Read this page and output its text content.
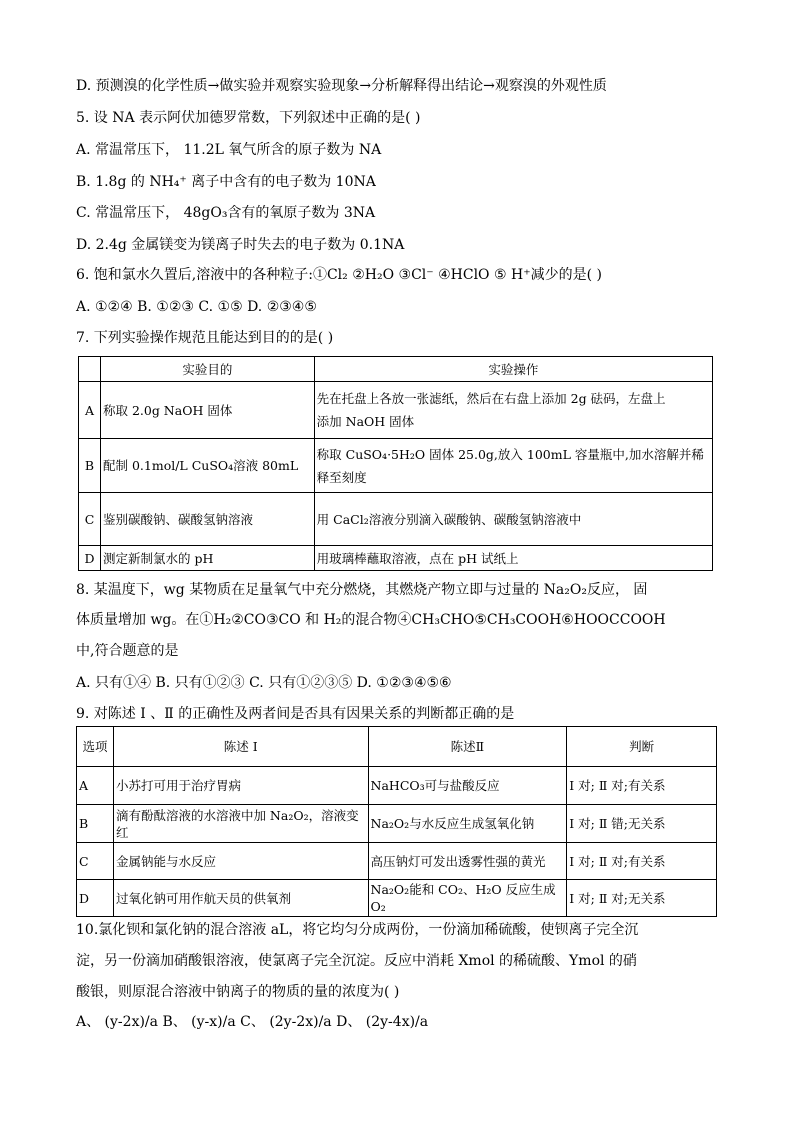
D. 预测溴的化学性质→做实验并观察实验现象→分析解释得出结论→观察溴的外观性质
5. 设 NA 表示阿伏加德罗常数，下列叙述中正确的是( )
A. 常温常压下， 11.2L 氧气所含的原子数为 NA
B. 1.8g 的 NH₄⁺ 离子中含有的电子数为 10NA
C. 常温常压下， 48gO₃含有的氧原子数为 3NA
D. 2.4g 金属镁变为镁离子时失去的电子数为 0.1NA
6. 饱和氯水久置后,溶液中的各种粒子:①Cl₂ ②H₂O ③Cl⁻ ④HClO ⑤ H⁺减少的是( )
A. ①②④ B. ①②③ C. ①⑤ D. ②③④⑤
7. 下列实验操作规范且能达到目的的是( )
	实验目的	实验操作
A	称取 2.0g NaOH 固体	先在托盘上各放一张滤纸，然后在右盘上添加 2g 砝码，左盘上
添加 NaOH 固体

B	配制 0.1mol/L CuSO₄溶液 80mL	称取 CuSO₄·5H₂O 固体 25.0g,放入 100mL 容量瓶中,加水溶解并稀
释至刻度

C	鉴别碳酸钠、碳酸氢钠溶液	用 CaCl₂溶液分别滴入碳酸钠、碳酸氢钠溶液中
D	测定新制氯水的 pH	用玻璃棒蘸取溶液，点在 pH 试纸上
8. 某温度下，wg 某物质在足量氧气中充分燃烧，其燃烧产物立即与过量的 Na₂O₂反应， 固
体质量增加 wg。在①H₂②CO③CO 和 H₂的混合物④CH₃CHO⑤CH₃COOH⑥HOOCCOOH
中,符合题意的是
A. 只有①④ B. 只有①②③ C. 只有①②③⑤ D. ①②③④⑤⑥
9. 对陈述 Ⅰ 、Ⅱ 的正确性及两者间是否具有因果关系的判断都正确的是
选项	陈述 I	陈述Ⅱ	判断
A	小苏打可用于治疗胃病	NaHCO₃可与盐酸反应	I 对; Ⅱ 对;有关系
B	滴有酚酞溶液的水溶液中加 Na₂O₂，溶液变红	Na₂O₂与水反应生成氢氧化钠	I 对; Ⅱ 错;无关系
C	金属钠能与水反应	高压钠灯可发出透雾性强的黄光	I 对; Ⅱ 对;有关系
D	过氧化钠可用作航天员的供氧剂	Na₂O₂能和 CO₂、H₂O 反应生成 O₂	I 对; Ⅱ 对;无关系
10.氯化钡和氯化钠的混合溶液 aL，将它均匀分成两份，一份滴加稀硫酸，使钡离子完全沉
淀，另一份滴加硝酸银溶液，使氯离子完全沉淀。反应中消耗 Xmol 的稀硫酸、Ymol 的硝
酸银，则原混合溶液中钠离子的物质的量的浓度为( )
A、 (y-2x)/a B、 (y-x)/a C、 (2y-2x)/a D、 (2y-4x)/a
